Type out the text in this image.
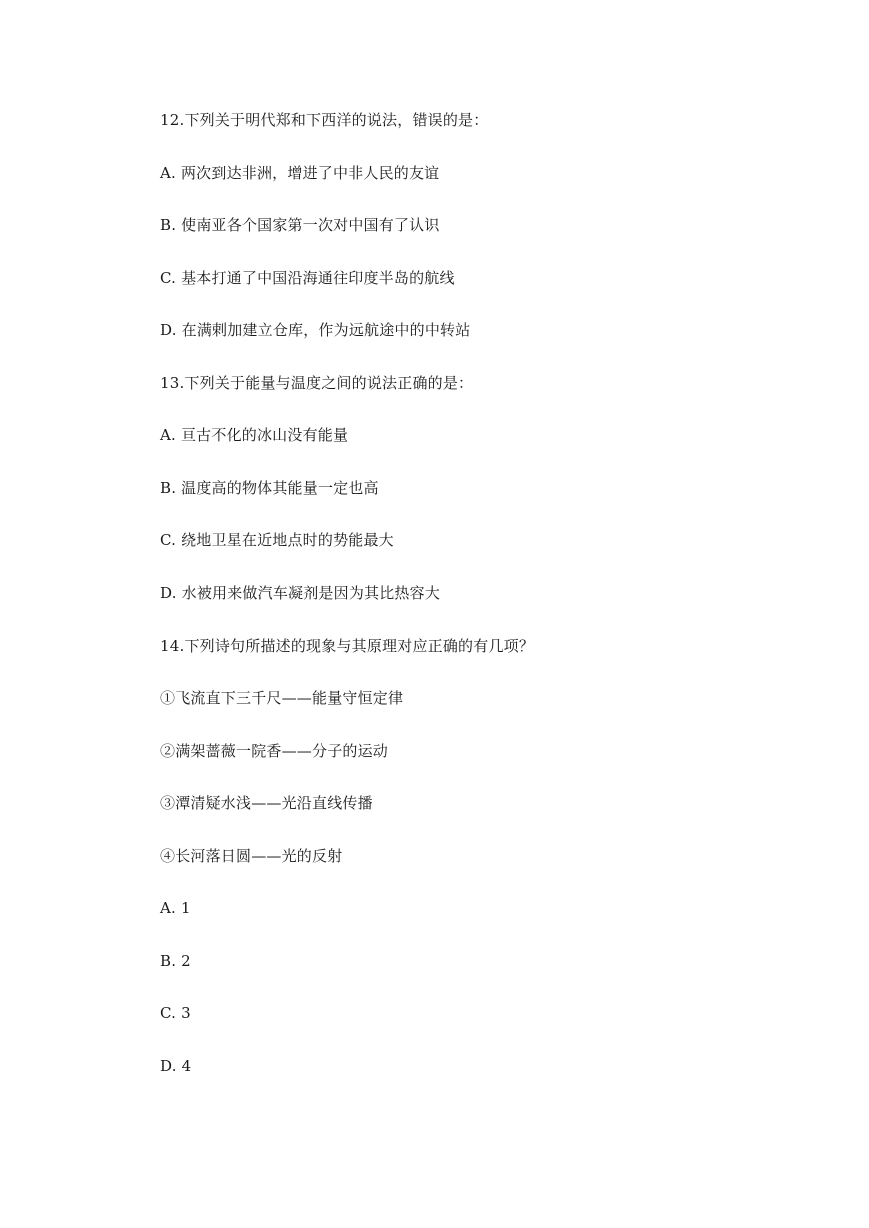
12.下列关于明代郑和下西洋的说法，错误的是：
A. 两次到达非洲，增进了中非人民的友谊
B. 使南亚各个国家第一次对中国有了认识
C. 基本打通了中国沿海通往印度半岛的航线
D. 在满剌加建立仓库，作为远航途中的中转站
13.下列关于能量与温度之间的说法正确的是：
A. 亘古不化的冰山没有能量
B. 温度高的物体其能量一定也高
C. 绕地卫星在近地点时的势能最大
D. 水被用来做汽车凝剂是因为其比热容大
14.下列诗句所描述的现象与其原理对应正确的有几项？
①飞流直下三千尺——能量守恒定律
②满架蔷薇一院香——分子的运动
③潭清疑水浅——光沿直线传播
④长河落日圆——光的反射
A. 1
B. 2
C. 3
D. 4
